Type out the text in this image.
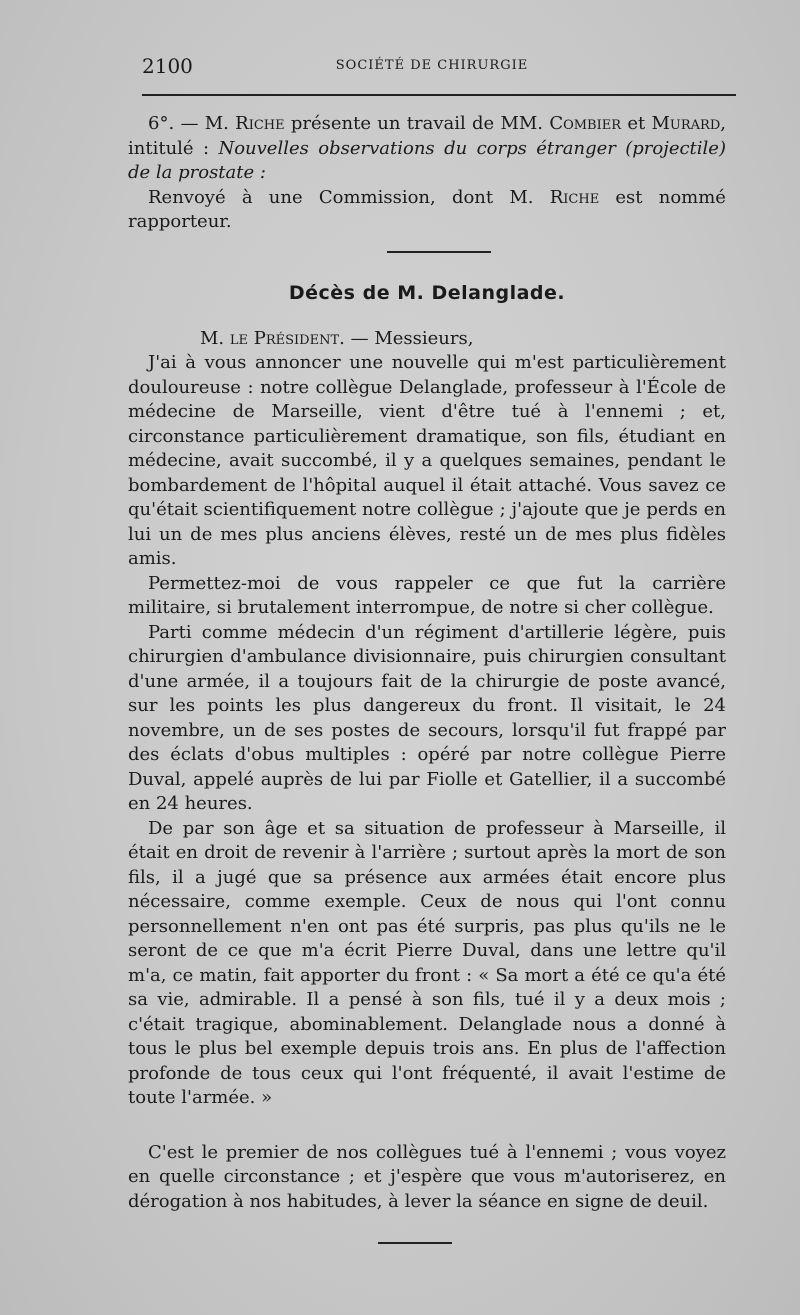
2100	SOCIÉTÉ DE CHIRURGIE

6°. — M. Riche présente un travail de MM. Combier et Murard, intitulé : Nouvelles observations du corps étranger (projectile) de la prostate :

Renvoyé à une Commission, dont M. Riche est nommé rapporteur.

Décès de M. Delanglade.

M. le Président. — Messieurs,

J'ai à vous annoncer une nouvelle qui m'est particulièrement douloureuse : notre collègue Delanglade, professeur à l'École de médecine de Marseille, vient d'être tué à l'ennemi ; et, circonstance particulièrement dramatique, son fils, étudiant en médecine, avait succombé, il y a quelques semaines, pendant le bombardement de l'hôpital auquel il était attaché. Vous savez ce qu'était scientifiquement notre collègue ; j'ajoute que je perds en lui un de mes plus anciens élèves, resté un de mes plus fidèles amis.

Permettez-moi de vous rappeler ce que fut la carrière militaire, si brutalement interrompue, de notre si cher collègue.

Parti comme médecin d'un régiment d'artillerie légère, puis chirurgien d'ambulance divisionnaire, puis chirurgien consultant d'une armée, il a toujours fait de la chirurgie de poste avancé, sur les points les plus dangereux du front. Il visitait, le 24 novembre, un de ses postes de secours, lorsqu'il fut frappé par des éclats d'obus multiples : opéré par notre collègue Pierre Duval, appelé auprès de lui par Fiolle et Gatellier, il a succombé en 24 heures.

De par son âge et sa situation de professeur à Marseille, il était en droit de revenir à l'arrière ; surtout après la mort de son fils, il a jugé que sa présence aux armées était encore plus nécessaire, comme exemple. Ceux de nous qui l'ont connu personnellement n'en ont pas été surpris, pas plus qu'ils ne le seront de ce que m'a écrit Pierre Duval, dans une lettre qu'il m'a, ce matin, fait apporter du front : « Sa mort a été ce qu'a été sa vie, admirable. Il a pensé à son fils, tué il y a deux mois ; c'était tragique, abominablement. Delanglade nous a donné à tous le plus bel exemple depuis trois ans. En plus de l'affection profonde de tous ceux qui l'ont fréquenté, il avait l'estime de toute l'armée. »

C'est le premier de nos collègues tué à l'ennemi ; vous voyez en quelle circonstance ; et j'espère que vous m'autoriserez, en dérogation à nos habitudes, à lever la séance en signe de deuil.
